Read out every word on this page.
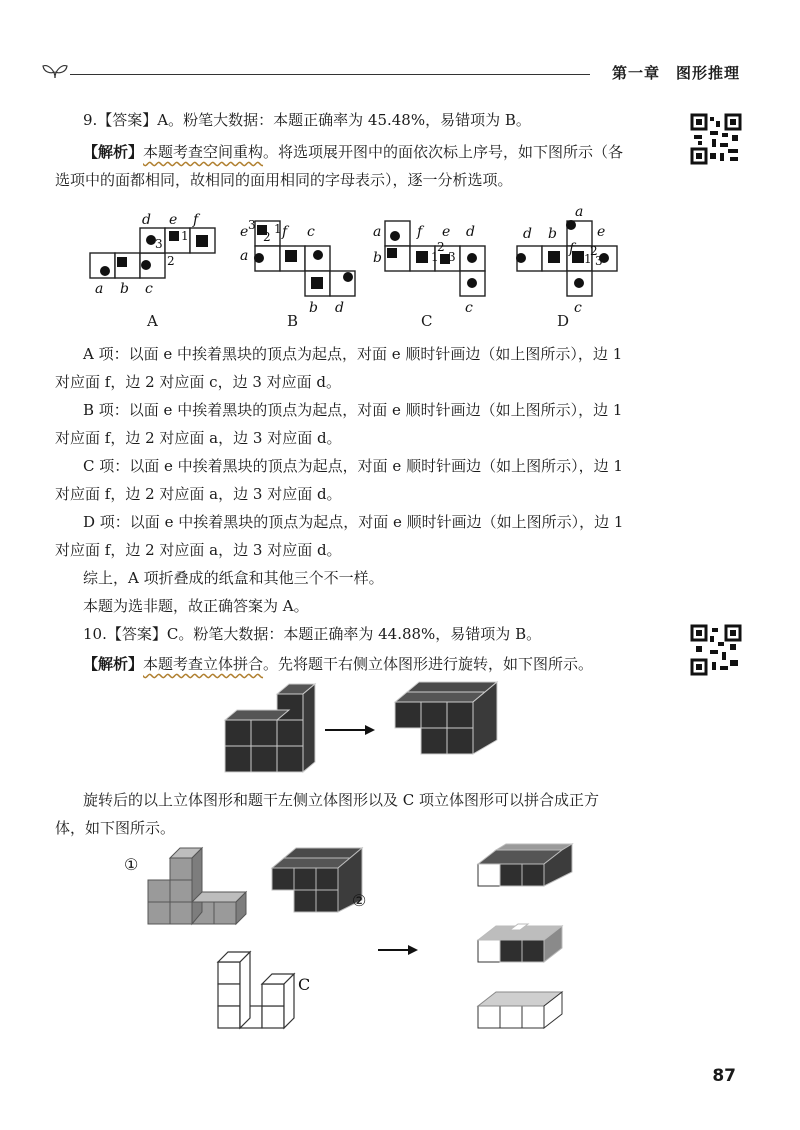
第一章 图形推理
9.【答案】A。粉笔大数据：本题正确率为 45.48%，易错项为 B。
【解析】本题考查空间重构。将选项展开图中的面依次标上序号，如下图所示（各
选项中的面都相同，故相同的面用相同的字母表示），逐一分析选项。
d e f
a b c
3
1
2
e f c
a
b d
3
2
1	a	f e d
b
c
2
1 3
a
d b	e
f
c
2
1 3
A	B	C	D
A 项：以面 e 中挨着黑块的顶点为起点，对面 e 顺时针画边（如上图所示），边 1
对应面 f，边 2 对应面 c，边 3 对应面 d。
B 项：以面 e 中挨着黑块的顶点为起点，对面 e 顺时针画边（如上图所示），边 1
对应面 f，边 2 对应面 a，边 3 对应面 d。
C 项：以面 e 中挨着黑块的顶点为起点，对面 e 顺时针画边（如上图所示），边 1
对应面 f，边 2 对应面 a，边 3 对应面 d。
D 项：以面 e 中挨着黑块的顶点为起点，对面 e 顺时针画边（如上图所示），边 1
对应面 f，边 2 对应面 a，边 3 对应面 d。
综上，A 项折叠成的纸盒和其他三个不一样。
本题为选非题，故正确答案为 A。
10.【答案】C。粉笔大数据：本题正确率为 44.88%，易错项为 B。
【解析】本题考查立体拼合。先将题干右侧立体图形进行旋转，如下图所示。
旋转后的以上立体图形和题干左侧立体图形以及 C 项立体图形可以拼合成正方
体，如下图所示。
①
②
C
87
